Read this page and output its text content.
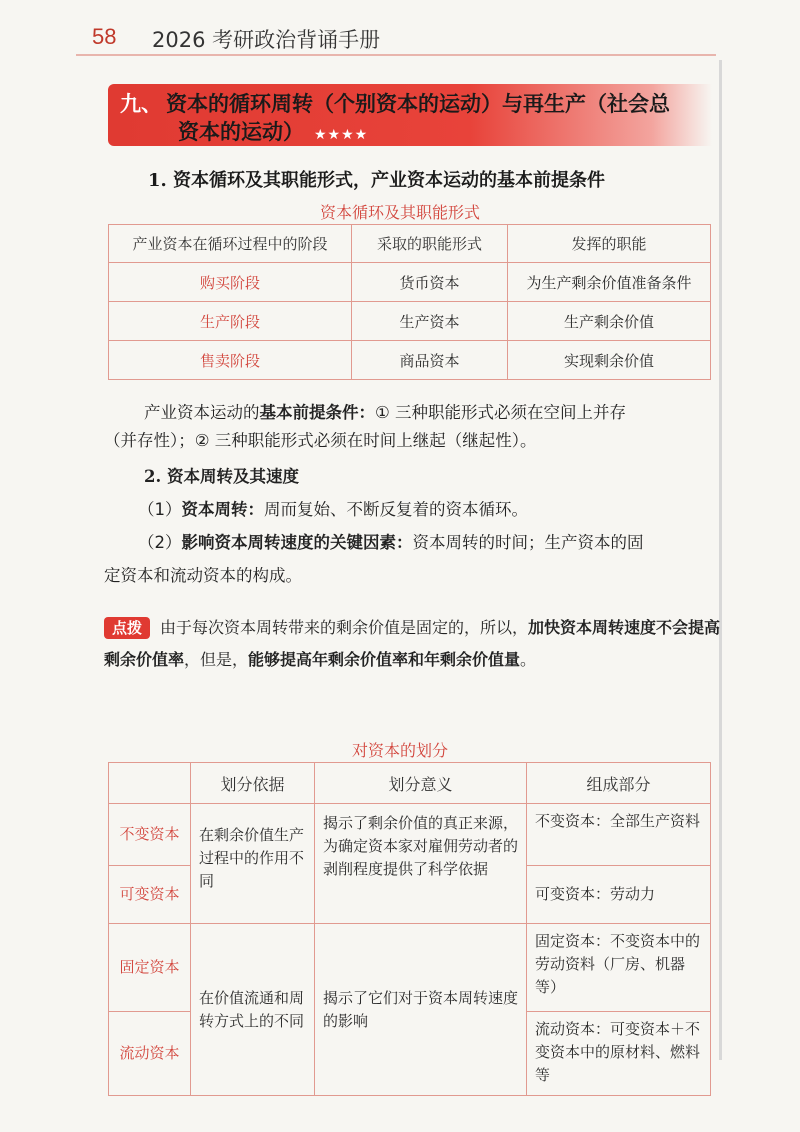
58 2026 考研政治背诵手册
九、 资本的循环周转（个别资本的运动）与再生产（社会总
资本的运动） ★★★★
1. 资本循环及其职能形式，产业资本运动的基本前提条件
资本循环及其职能形式
产业资本在循环过程中的阶段	采取的职能形式	发挥的职能
购买阶段	货币资本	为生产剩余价值准备条件
生产阶段	生产资本	生产剩余价值
售卖阶段	商品资本	实现剩余价值
产业资本运动的基本前提条件：① 三种职能形式必须在空间上并存
（并存性）；② 三种职能形式必须在时间上继起（继起性）。
2. 资本周转及其速度
（1）资本周转：周而复始、不断反复着的资本循环。
（2）影响资本周转速度的关键因素：资本周转的时间；生产资本的固
定资本和流动资本的构成。
点拨 由于每次资本周转带来的剩余价值是固定的，所以，加快资本周转速度不会提高剩余价值率，但是，能够提高年剩余价值率和年剩余价值量。
对资本的划分
	划分依据	划分意义	组成部分
不变资本	在剩余价值生产过程中的作用不同	揭示了剩余价值的真正来源，为确定资本家对雇佣劳动者的剥削程度提供了科学依据	不变资本：全部生产资料
可变资本			可变资本：劳动力
固定资本	在价值流通和周转方式上的不同	揭示了它们对于资本周转速度的影响	固定资本：不变资本中的劳动资料（厂房、机器等）
流动资本			流动资本：可变资本＋不变资本中的原材料、燃料等
